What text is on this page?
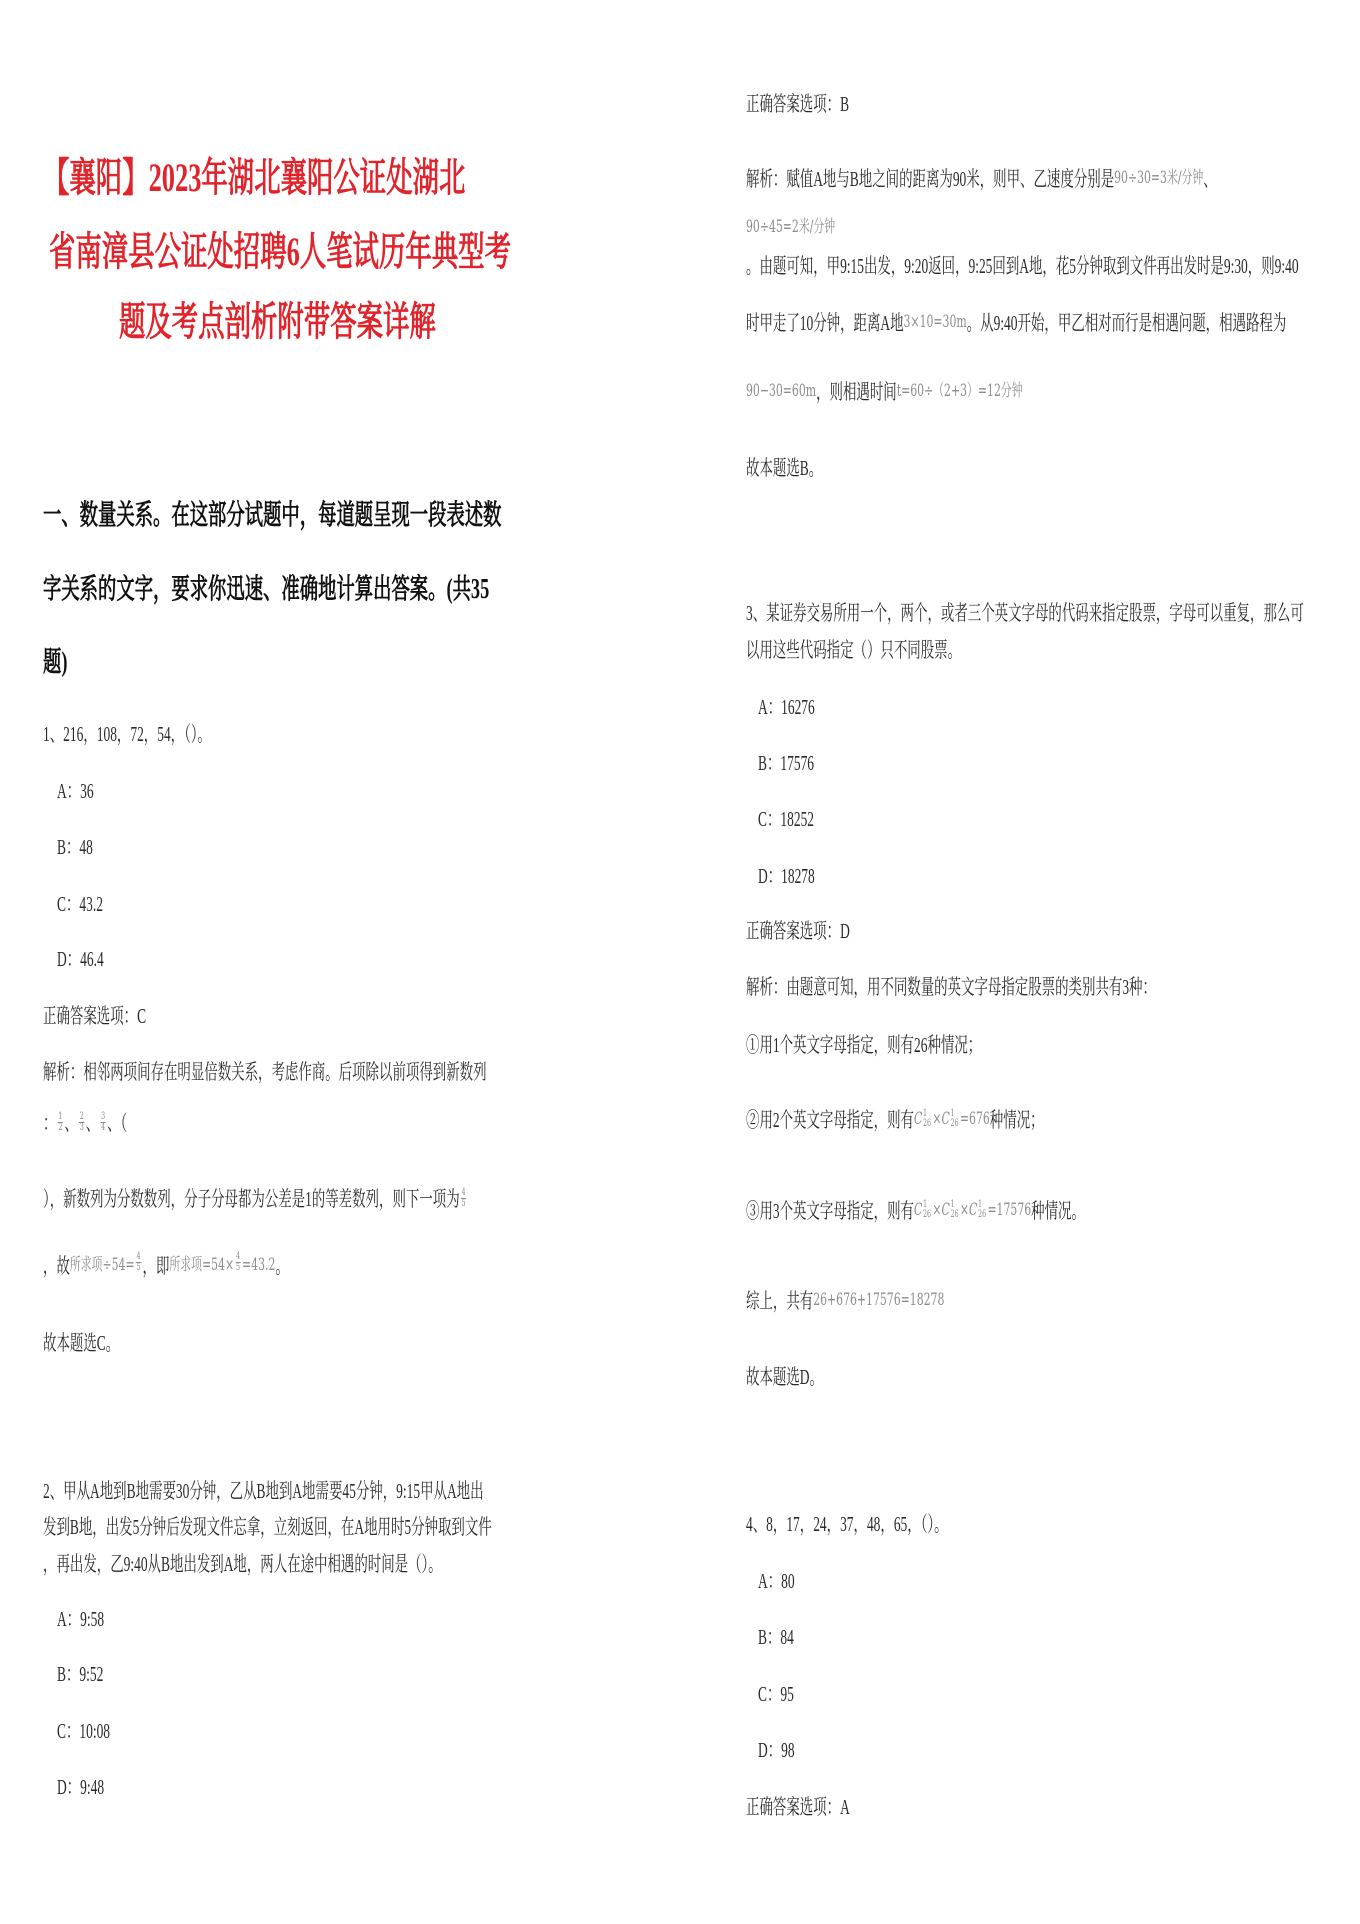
【襄阳】2023年湖北襄阳公证处湖北
省南漳县公证处招聘6人笔试历年典型考
题及考点剖析附带答案详解
一、数量关系。在这部分试题中，每道题呈现一段表述数
字关系的文字，要求你迅速、准确地计算出答案。(共35
题)
1、216，108，72，54，（）。
A：36
B：48
C：43.2
D：46.4
正确答案选项：C
解析：相邻两项间存在明显倍数关系，考虑作商。后项除以前项得到新数列
： $\frac{1}{2}$ 、 $\frac{2}{3}$ 、 $\frac{3}{4}$ 、（
），新数列为分数数列，分子分母都为公差是1的等差数列，则下一项为 $\frac{4}{5}$
，故所求项$\div 54= \frac{4}{5}$ ，即所求项$=54\times \frac{4}{5} =43.2$。
故本题选C。
2、甲从A地到B地需要30分钟，乙从B地到A地需要45分钟，9:15甲从A地出
发到B地，出发5分钟后发现文件忘拿，立刻返回，在A地用时5分钟取到文件
，再出发，乙9:40从B地出发到A地，两人在途中相遇的时间是（）。
A：9:58
B：9:52
C：10:08
D：9:48
正确答案选项：B
解析：赋值A地与B地之间的距离为90米，则甲、乙速度分别是90÷30=3米/分钟、
90÷45=2米/分钟
。由题可知，甲9:15出发，9:20返回，9:25回到A地，花5分钟取到文件再出发时是9:30，则9:40
时甲走了10分钟，距离A地3×10=30m。从9:40开始，甲乙相对而行是相遇问题，相遇路程为
90−30=60m，则相遇时间t=60÷（2+3）=12分钟
故本题选B。
3、某证券交易所用一个，两个，或者三个英文字母的代码来指定股票，字母可以重复，那么可
以用这些代码指定（）只不同股票。
A：16276
B：17576
C：18252
D：18278
正确答案选项：D
解析：由题意可知，用不同数量的英文字母指定股票的类别共有3种：
①用1个英文字母指定，则有26种情况；
②用2个英文字母指定，则有 C 1
26 × C 1
26 =676种情况；
③用3个英文字母指定，则有 C 1
26 × C 1
26 × C 1
26 =17576种情况。
综上，共有26+676+17576=18278
故本题选D。
4、8，17，24，37，48，65，（）。
A：80
B：84
C：95
D：98
正确答案选项：A
